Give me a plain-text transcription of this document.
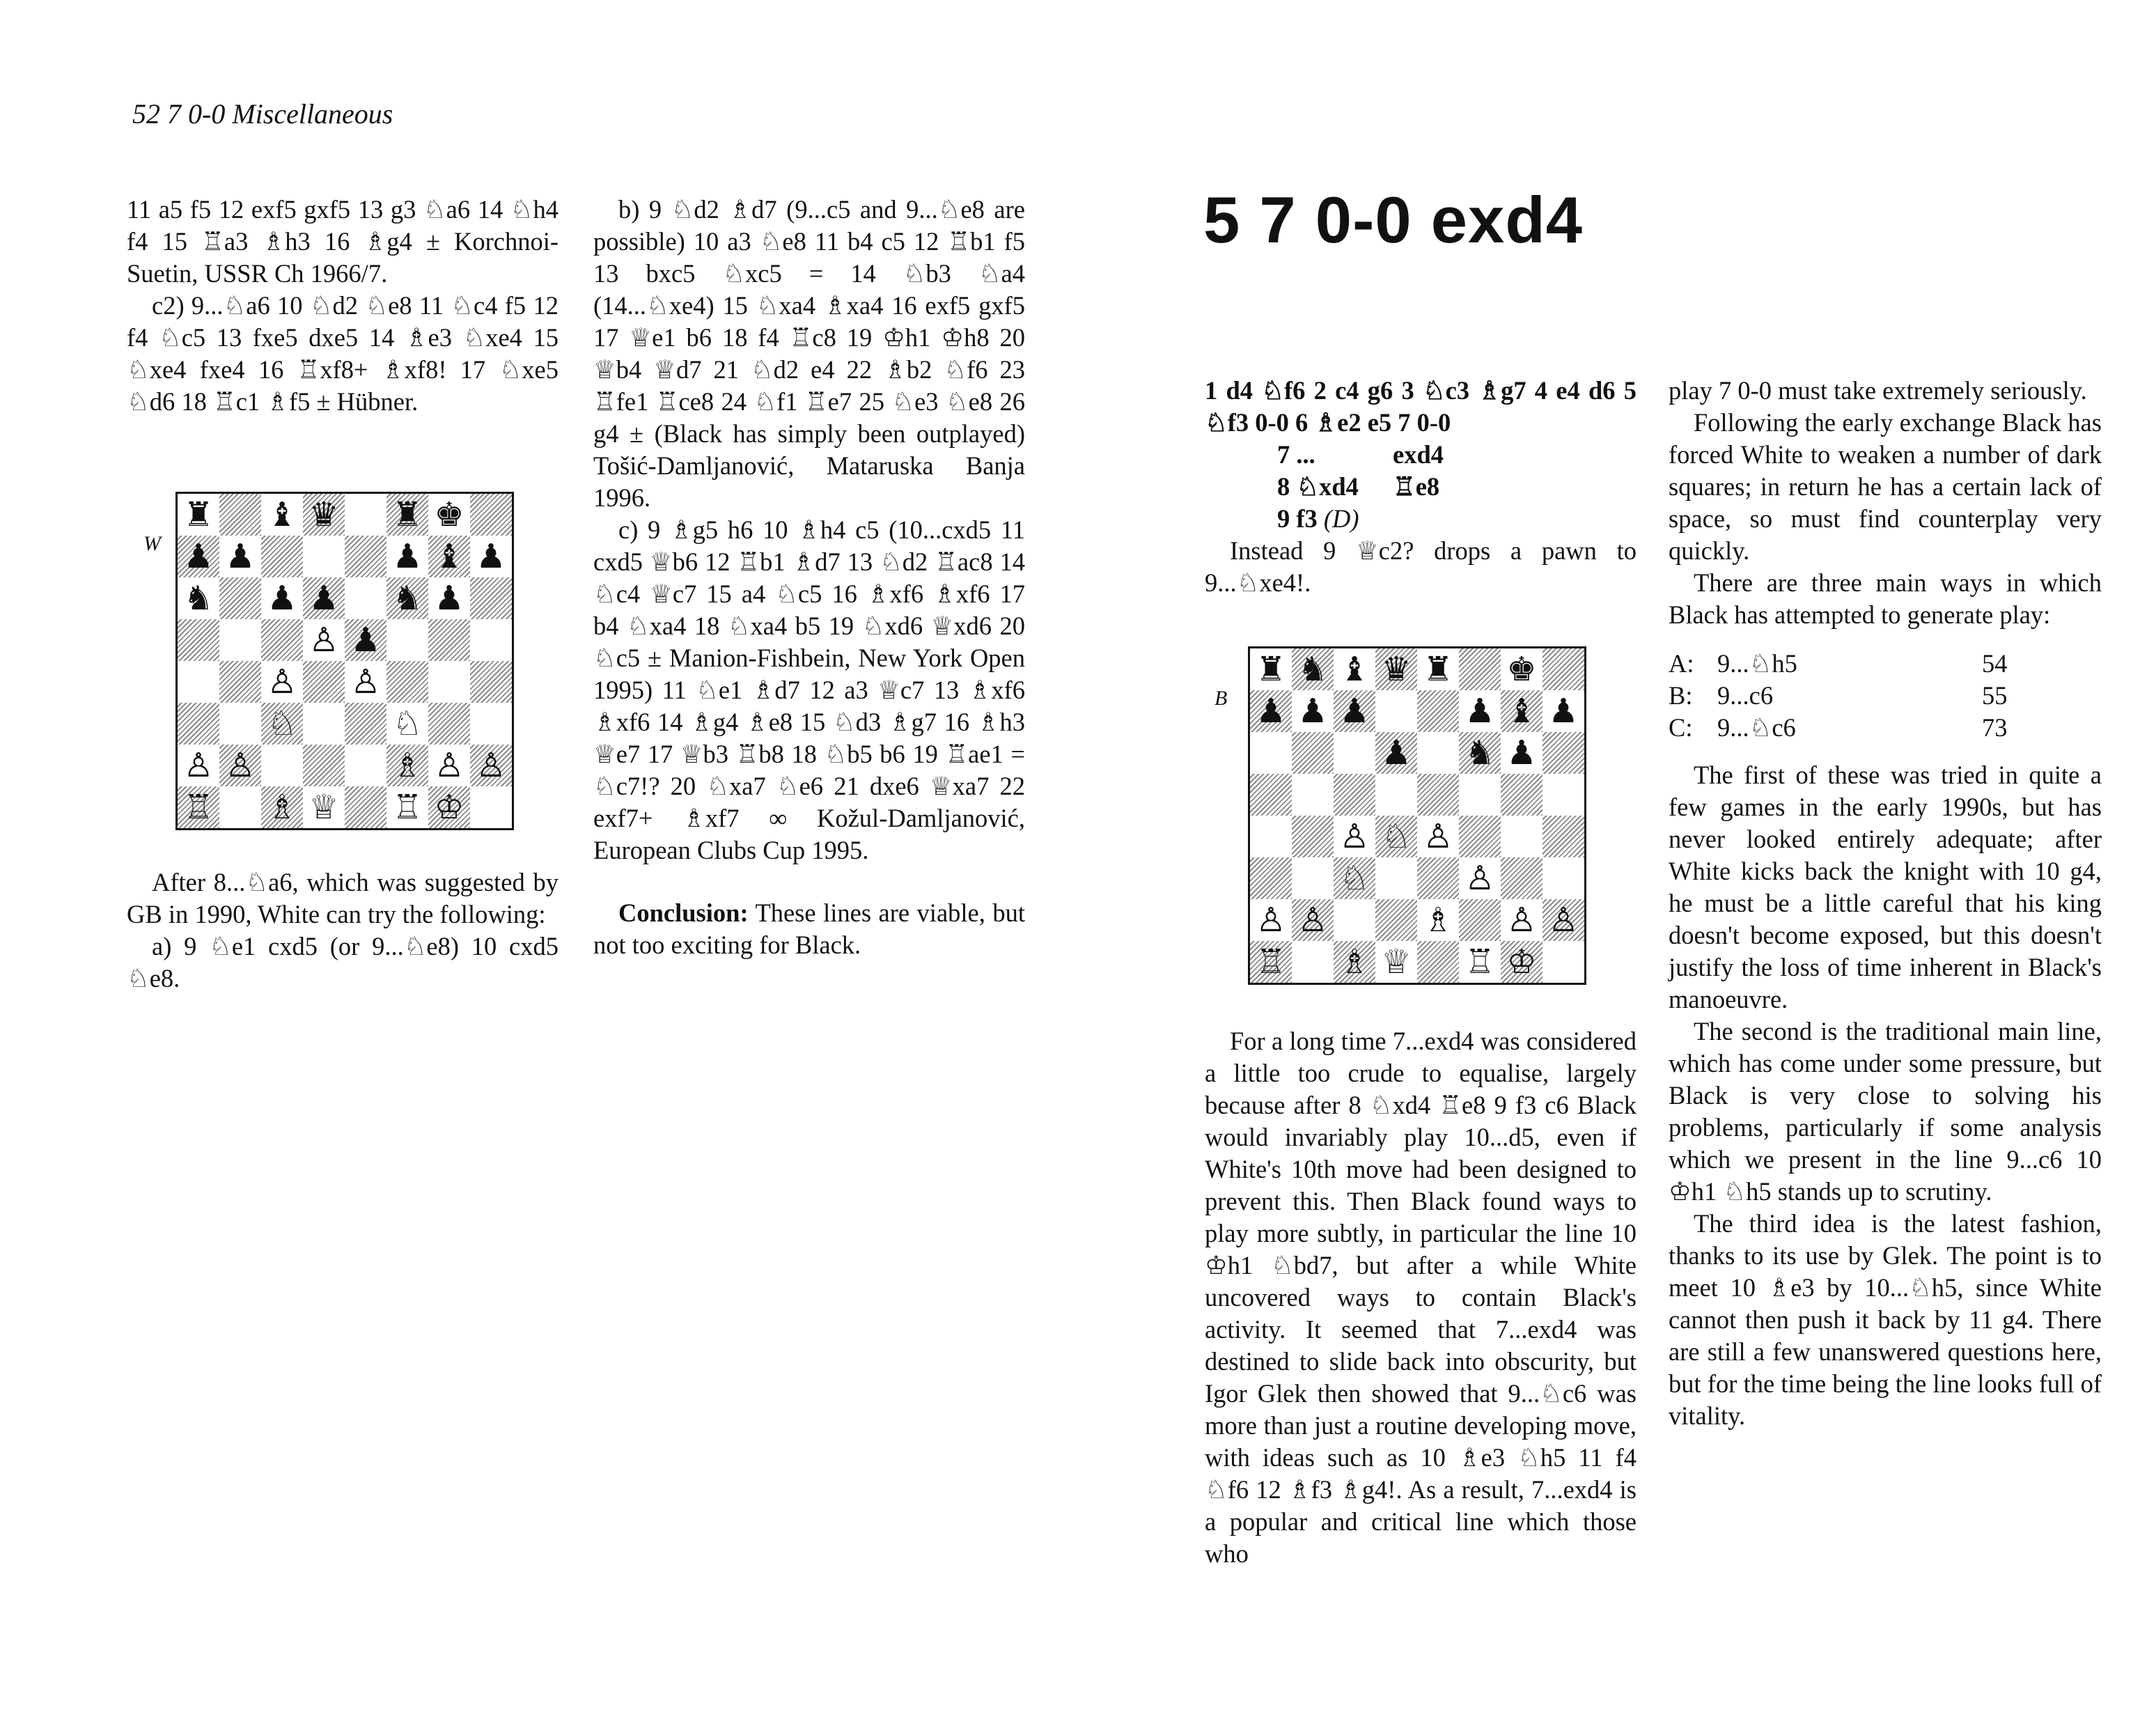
52 7 0-0 Miscellaneous

11 a5 f5 12 exf5 gxf5 13 g3 ♘a6 14 ♘h4 f4 15 ♖a3 ♗h3 16 ♗g4 ± Korchnoi-Suetin, USSR Ch 1966/7.

c2) 9...♘a6 10 ♘d2 ♘e8 11 ♘c4 f5 12 f4 ♘c5 13 fxe5 dxe5 14 ♗e3 ♘xe4 15 ♘xe4 fxe4 16 ♖xf8+ ♗xf8! 17 ♘xe5 ♘d6 18 ♖c1 ♗f5 ± Hübner.

W
♜ ♝ ♛ ♜ ♚
♟ ♟	♟ ♝ ♟
♞ ♟ ♟ ♞ ♟
♙ ♟
♙ ♙
♘	♘
♙ ♙	♗ ♙ ♙
♖ ♗ ♕ ♖ ♔

After 8...♘a6, which was suggested by GB in 1990, White can try the following:

a) 9 ♘e1 cxd5 (or 9...♘e8) 10 cxd5 ♘e8.

b) 9 ♘d2 ♗d7 (9...c5 and 9...♘e8 are possible) 10 a3 ♘e8 11 b4 c5 12 ♖b1 f5 13 bxc5 ♘xc5 = 14 ♘b3 ♘a4 (14...♘xe4) 15 ♘xa4 ♗xa4 16 exf5 gxf5 17 ♕e1 b6 18 f4 ♖c8 19 ♔h1 ♔h8 20 ♕b4 ♕d7 21 ♘d2 e4 22 ♗b2 ♘f6 23 ♖fe1 ♖ce8 24 ♘f1 ♖e7 25 ♘e3 ♘e8 26 g4 ± (Black has simply been outplayed) Tošić-Damljanović, Mataruska Banja 1996.

c) 9 ♗g5 h6 10 ♗h4 c5 (10...cxd5 11 cxd5 ♕b6 12 ♖b1 ♗d7 13 ♘d2 ♖ac8 14 ♘c4 ♕c7 15 a4 ♘c5 16 ♗xf6 ♗xf6 17 b4 ♘xa4 18 ♘xa4 b5 19 ♘xd6 ♕xd6 20 ♘c5 ± Manion-Fishbein, New York Open 1995) 11 ♘e1 ♗d7 12 a3 ♕c7 13 ♗xf6 ♗xf6 14 ♗g4 ♗e8 15 ♘d3 ♗g7 16 ♗h3 ♕e7 17 ♕b3 ♖b8 18 ♘b5 b6 19 ♖ae1 = ♘c7!? 20 ♘xa7 ♘e6 21 dxe6 ♕xa7 22 exf7+ ♗xf7 ∞ Kožul-Damljanović, European Clubs Cup 1995.

Conclusion: These lines are viable, but not too exciting for Black.

5 7 0-0 exd4

1 d4 ♘f6 2 c4 g6 3 ♘c3 ♗g7 4 e4 d6 5 ♘f3 0-0 6 ♗e2 e5 7 0-0

7 ...	exd4
8 ♘xd4	♖e8
9 f3 (D)

Instead 9 ♕c2? drops a pawn to 9...♘xe4!.

B
♜ ♞ ♝ ♛ ♜ ♚
♟ ♟ ♟	♟ ♝ ♟
♟ ♞ ♟
♙ ♘ ♙
♘	♙
♙ ♙	♗ ♙ ♙
♖ ♗ ♕ ♖ ♔

For a long time 7...exd4 was considered a little too crude to equalise, largely because after 8 ♘xd4 ♖e8 9 f3 c6 Black would invariably play 10...d5, even if White's 10th move had been designed to prevent this. Then Black found ways to play more subtly, in particular the line 10 ♔h1 ♘bd7, but after a while White uncovered ways to contain Black's activity. It seemed that 7...exd4 was destined to slide back into obscurity, but Igor Glek then showed that 9...♘c6 was more than just a routine developing move, with ideas such as 10 ♗e3 ♘h5 11 f4 ♘f6 12 ♗f3 ♗g4!. As a result, 7...exd4 is a popular and critical line which those who

play 7 0-0 must take extremely seriously.

Following the early exchange Black has forced White to weaken a number of dark squares; in return he has a certain lack of space, so must find counterplay very quickly.

There are three main ways in which Black has attempted to generate play:

A: 9...♘h5	54
B: 9...c6	55
C: 9...♘c6	73

The first of these was tried in quite a few games in the early 1990s, but has never looked entirely adequate; after White kicks back the knight with 10 g4, he must be a little careful that his king doesn't become exposed, but this doesn't justify the loss of time inherent in Black's manoeuvre.

The second is the traditional main line, which has come under some pressure, but Black is very close to solving his problems, particularly if some analysis which we present in the line 9...c6 10 ♔h1 ♘h5 stands up to scrutiny.

The third idea is the latest fashion, thanks to its use by Glek. The point is to meet 10 ♗e3 by 10...♘h5, since White cannot then push it back by 11 g4. There are still a few unanswered questions here, but for the time being the line looks full of vitality.
